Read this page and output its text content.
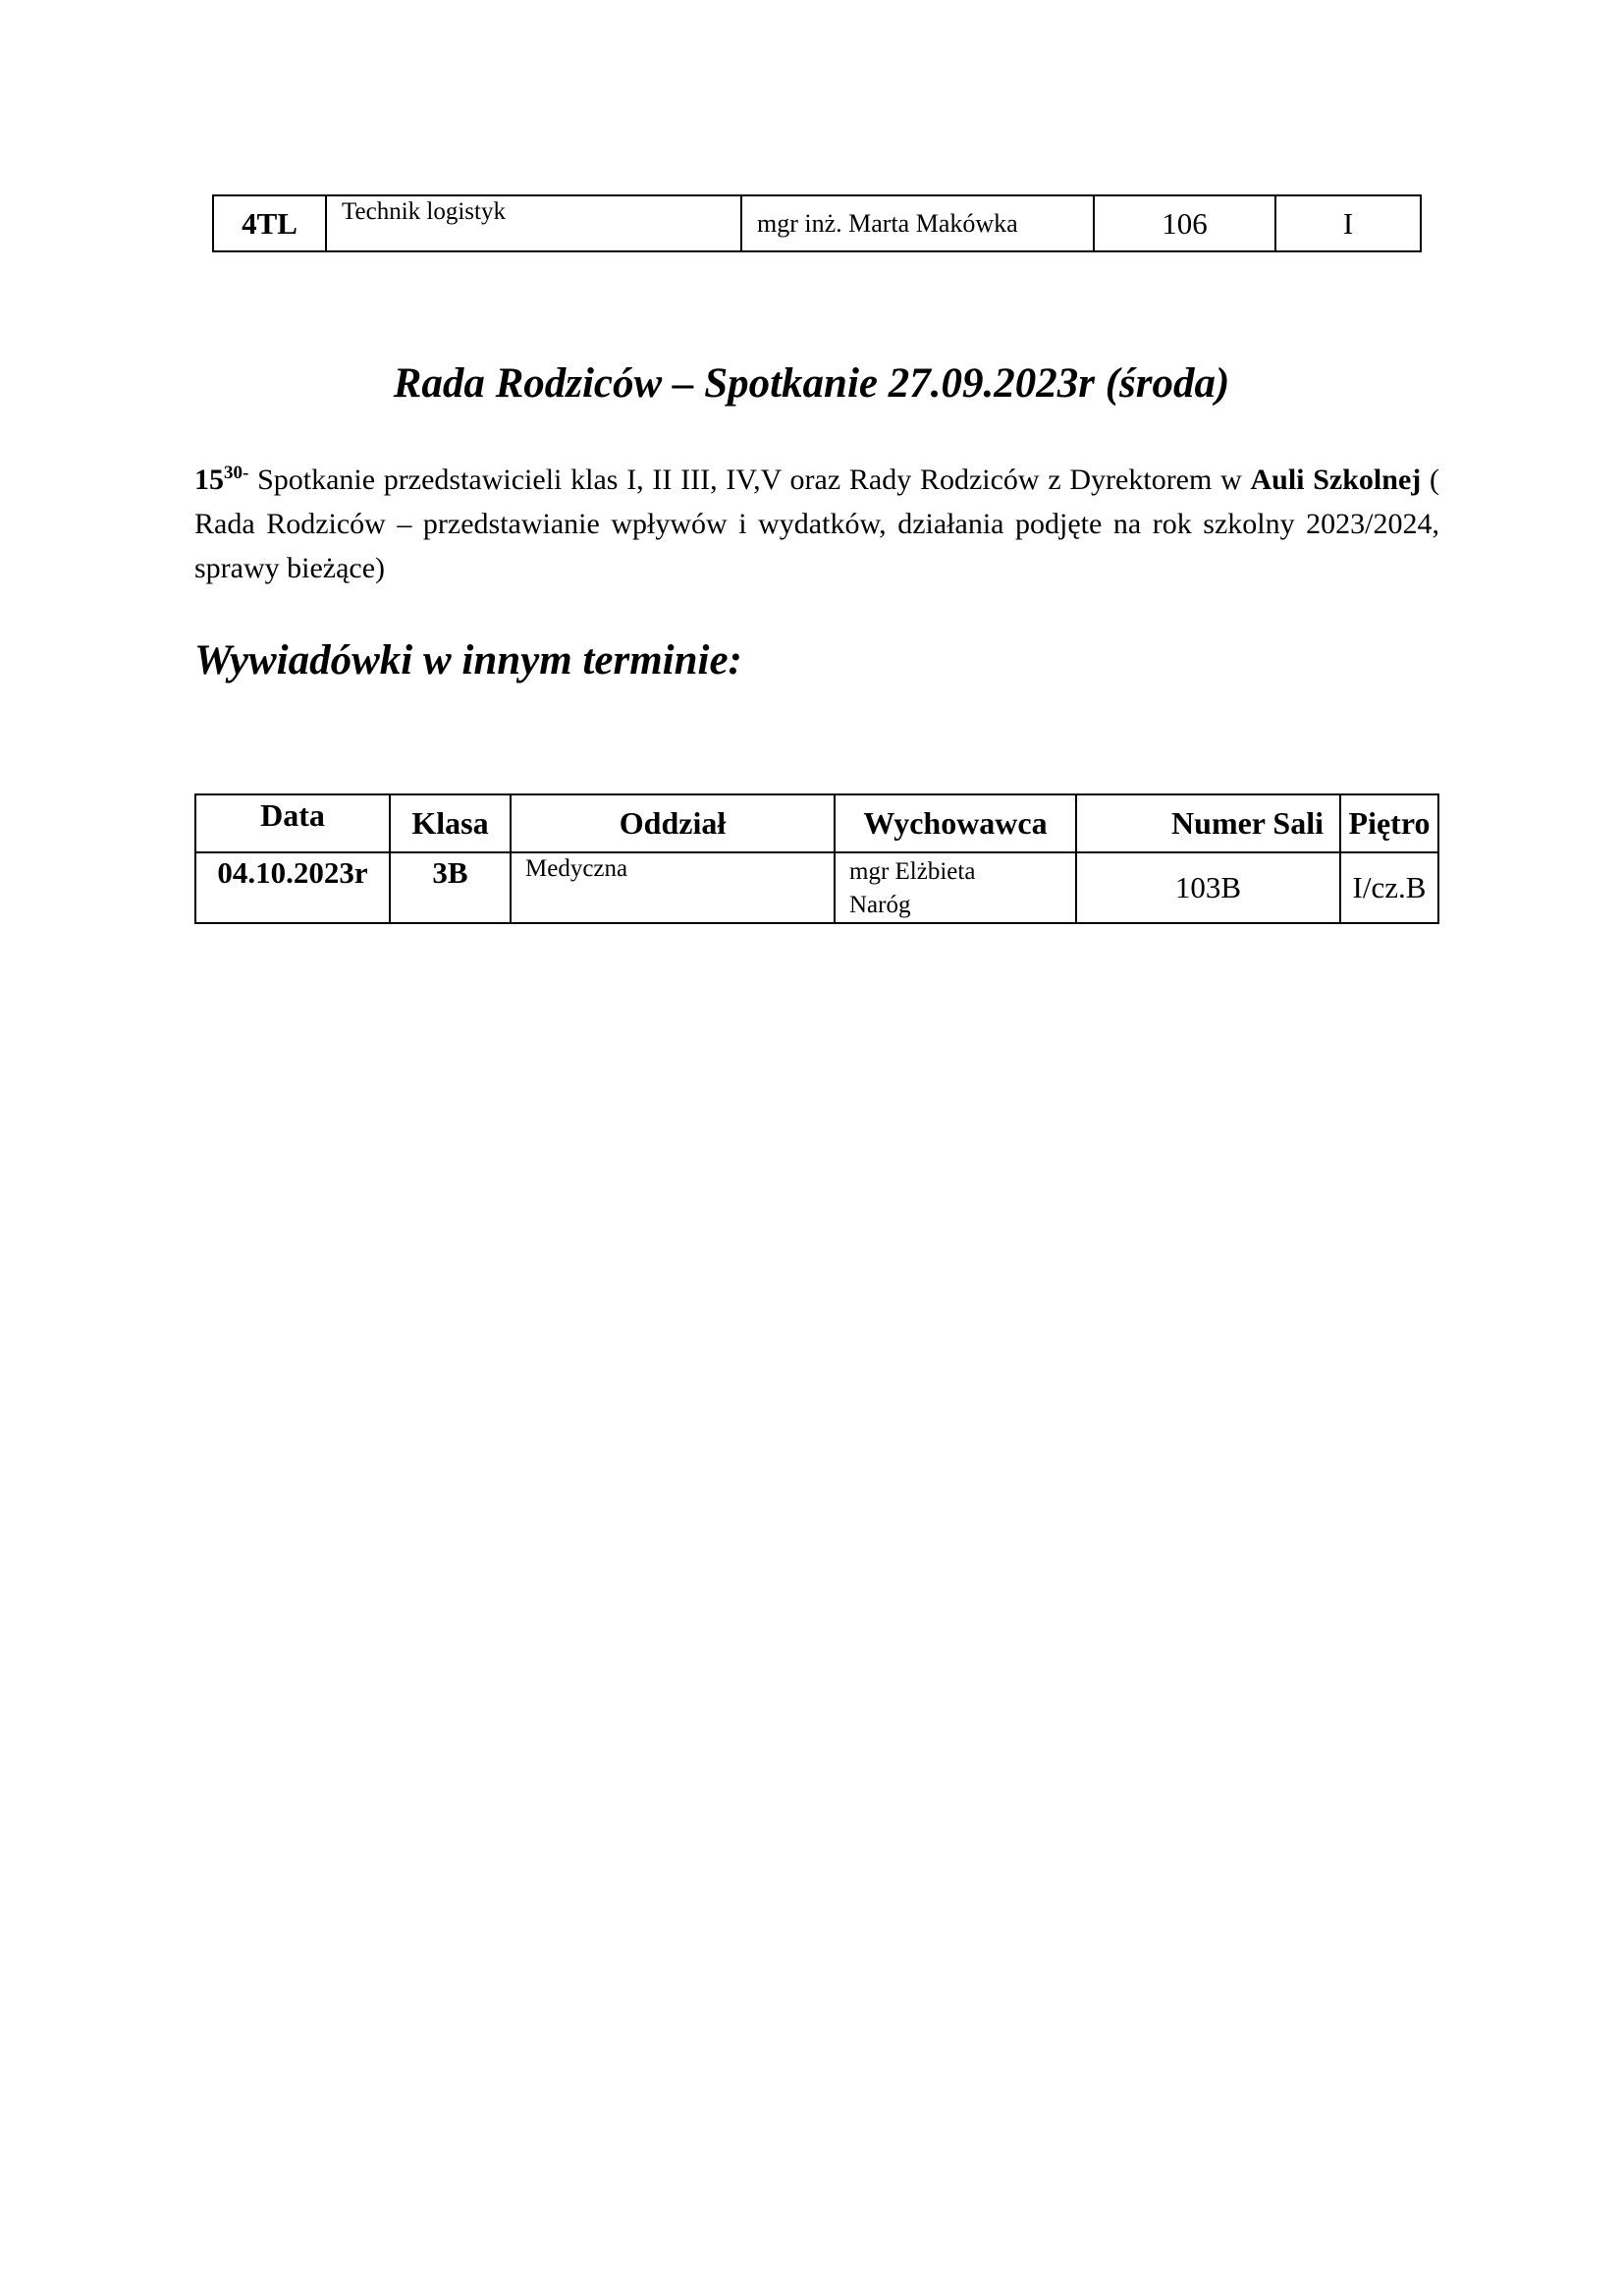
4TL	Technik logistyk	mgr inż. Marta Makówka	106	I
Rada Rodziców – Spotkanie 27.09.2023r (środa)

$15^{30-}$ Spotkanie przedstawicieli klas I, II III, IV,V oraz Rady Rodziców z Dyrektorem w Auli Szkolnej ( Rada Rodziców – przedstawianie wpływów i wydatków, działania podjęte na rok szkolny 2023/2024, sprawy bieżące)

Wywiadówki w innym terminie:
Data	Klasa	Oddział	Wychowawca	Numer Sali	Piętro
04.10.2023r	3B	Medyczna	mgr Elżbieta
Naróg	103B	I/cz.B
